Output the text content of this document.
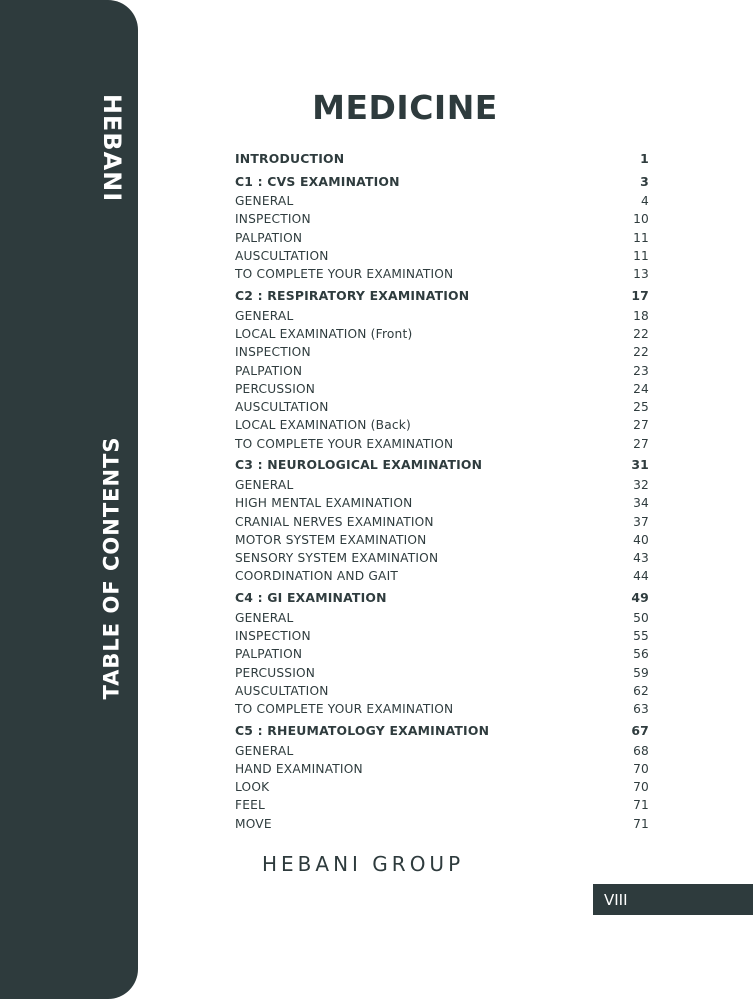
HEBANI
TABLE OF CONTENTS
MEDICINE
INTRODUCTION	1
C1 : CVS EXAMINATION	3
GENERAL	4
INSPECTION	10
PALPATION	11
AUSCULTATION	11
TO COMPLETE YOUR EXAMINATION	13
C2 : RESPIRATORY EXAMINATION	17
GENERAL	18
LOCAL EXAMINATION (Front)	22
INSPECTION	22
PALPATION	23
PERCUSSION	24
AUSCULTATION	25
LOCAL EXAMINATION (Back)	27
TO COMPLETE YOUR EXAMINATION	27
C3 : NEUROLOGICAL EXAMINATION	31
GENERAL	32
HIGH MENTAL EXAMINATION	34
CRANIAL NERVES EXAMINATION	37
MOTOR SYSTEM EXAMINATION	40
SENSORY SYSTEM EXAMINATION	43
COORDINATION AND GAIT	44
C4 : GI EXAMINATION	49
GENERAL	50
INSPECTION	55
PALPATION	56
PERCUSSION	59
AUSCULTATION	62
TO COMPLETE YOUR EXAMINATION	63
C5 : RHEUMATOLOGY EXAMINATION	67
GENERAL	68
HAND EXAMINATION	70
LOOK	70
FEEL	71
MOVE	71
HEBANI GROUP
VIII
